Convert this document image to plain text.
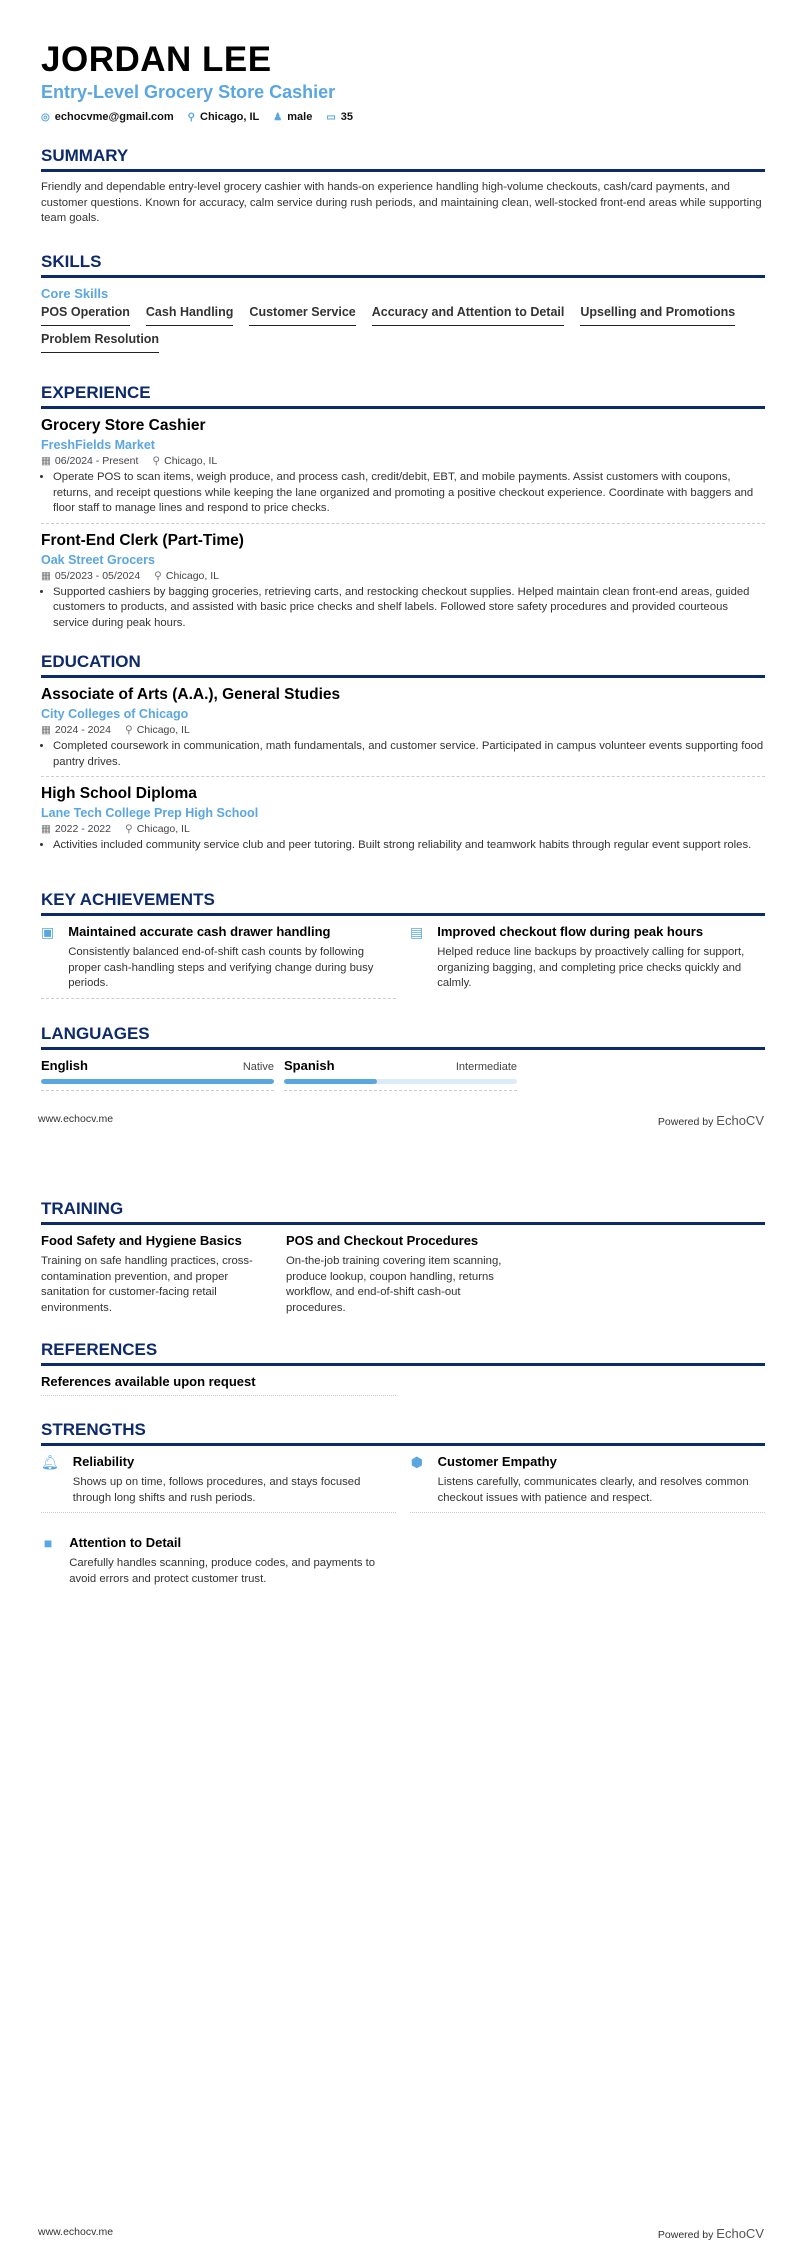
JORDAN LEE
Entry-Level Grocery Store Cashier
◎ echocvme@gmail.com ⚲ Chicago, IL ♟ male ▭ 35
SUMMARY
Friendly and dependable entry-level grocery cashier with hands-on experience handling high-volume checkouts, cash/card payments, and customer questions. Known for accuracy, calm service during rush periods, and maintaining clean, well-stocked front-end areas while supporting team goals.
SKILLS
Core Skills
POS Operation Cash Handling Customer Service Accuracy and Attention to Detail Upselling and Promotions
Problem Resolution
EXPERIENCE
Grocery Store Cashier
FreshFields Market
▦ 06/2024 - Present ⚲ Chicago, IL
• Operate POS to scan items, weigh produce, and process cash, credit/debit, EBT, and mobile payments. Assist customers with coupons, returns, and receipt questions while keeping the lane organized and promoting a positive checkout experience. Coordinate with baggers and floor staff to manage lines and respond to price checks.
Front-End Clerk (Part-Time)
Oak Street Grocers
▦ 05/2023 - 05/2024 ⚲ Chicago, IL
• Supported cashiers by bagging groceries, retrieving carts, and restocking checkout supplies. Helped maintain clean front-end areas, guided customers to products, and assisted with basic price checks and shelf labels. Followed store safety procedures and provided courteous service during peak hours.
EDUCATION
Associate of Arts (A.A.), General Studies
City Colleges of Chicago
▦ 2024 - 2024 ⚲ Chicago, IL
• Completed coursework in communication, math fundamentals, and customer service. Participated in campus volunteer events supporting food pantry drives.
High School Diploma
Lane Tech College Prep High School
▦ 2022 - 2022 ⚲ Chicago, IL
• Activities included community service club and peer tutoring. Built strong reliability and teamwork habits through regular event support roles.
KEY ACHIEVEMENTS
▣ Maintained accurate cash drawer handling
Consistently balanced end-of-shift cash counts by following proper cash-handling steps and verifying change during busy periods.
▤ Improved checkout flow during peak hours
Helped reduce line backups by proactively calling for support, organizing bagging, and completing price checks quickly and calmly.
LANGUAGES
English	Native Spanish	Intermediate
www.echocv.me	Powered by EchoCV
TRAINING
Food Safety and Hygiene Basics
Training on safe handling practices, cross-contamination prevention, and proper sanitation for customer-facing retail environments.
POS and Checkout Procedures
On-the-job training covering item scanning, produce lookup, coupon handling, returns workflow, and end-of-shift cash-out procedures.
REFERENCES
References available upon request
STRENGTHS
🔔︎ Reliability
Shows up on time, follows procedures, and stays focused through long shifts and rush periods.
⬢ Customer Empathy
Listens carefully, communicates clearly, and resolves common checkout issues with patience and respect.
■ Attention to Detail
Carefully handles scanning, produce codes, and payments to avoid errors and protect customer trust.
www.echocv.me	Powered by EchoCV
